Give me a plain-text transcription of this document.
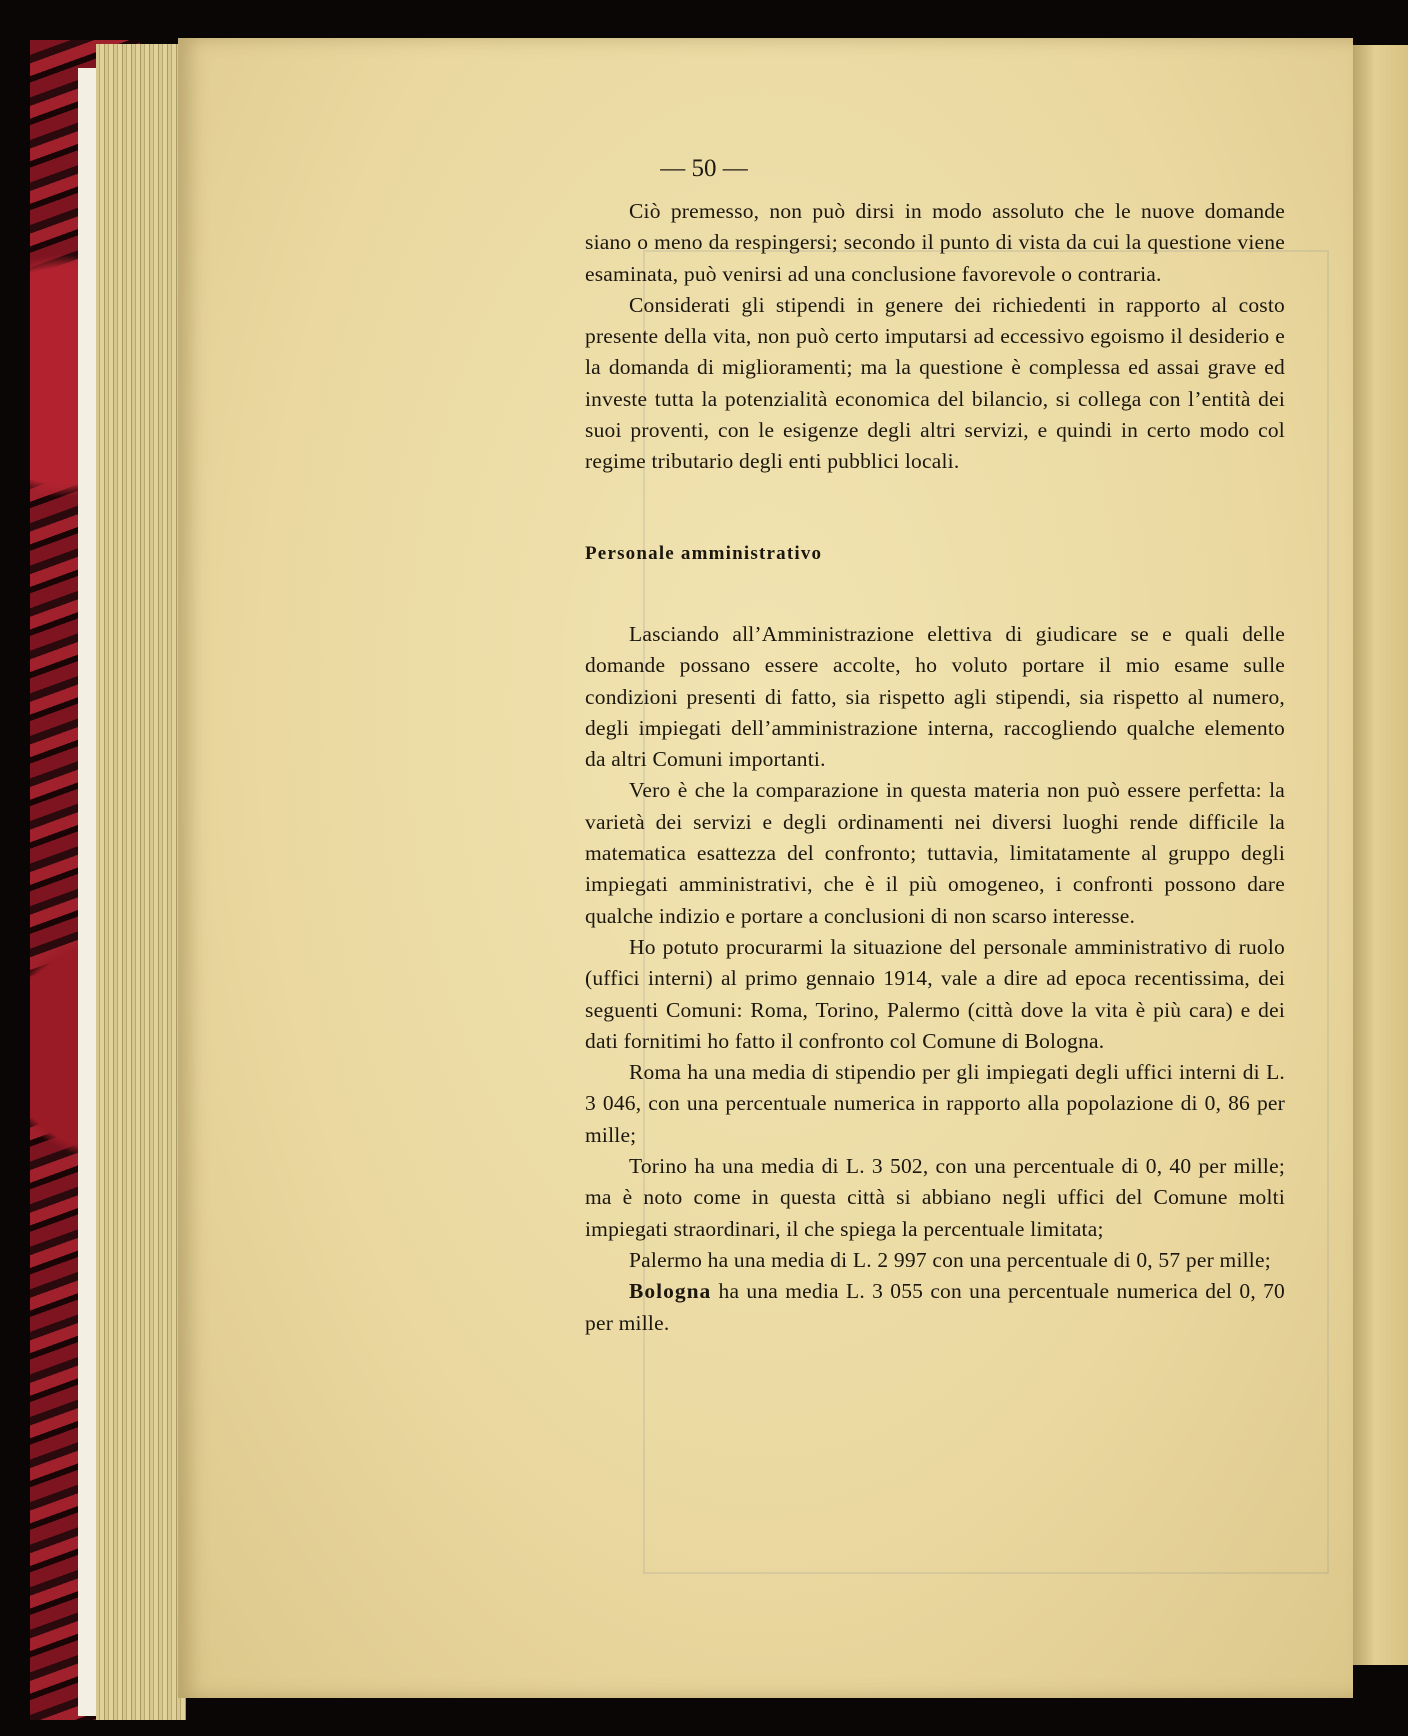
— 50 —

Ciò premesso, non può dirsi in modo assoluto che le nuove domande siano o meno da respingersi; secondo il punto di vista da cui la questione viene esaminata, può venirsi ad una conclusione favorevole o contraria.

Considerati gli stipendi in genere dei richiedenti in rapporto al costo presente della vita, non può certo imputarsi ad eccessivo egoismo il desiderio e la domanda di miglioramenti; ma la questione è complessa ed assai grave ed investe tutta la potenzialità economica del bilancio, si collega con l’entità dei suoi proventi, con le esigenze degli altri servizi, e quindi in certo modo col regime tributario degli enti pubblici locali.

Personale amministrativo

Lasciando all’Amministrazione elettiva di giudicare se e quali delle domande possano essere accolte, ho voluto portare il mio esame sulle condizioni presenti di fatto, sia rispetto agli stipendi, sia rispetto al numero, degli impiegati dell’amministrazione interna, raccogliendo qualche elemento da altri Comuni importanti.

Vero è che la comparazione in questa materia non può essere perfetta: la varietà dei servizi e degli ordinamenti nei diversi luoghi rende difficile la matematica esattezza del confronto; tuttavia, limitatamente al gruppo degli impiegati amministrativi, che è il più omogeneo, i confronti possono dare qualche indizio e portare a conclusioni di non scarso interesse.

Ho potuto procurarmi la situazione del personale amministrativo di ruolo (uffici interni) al primo gennaio 1914, vale a dire ad epoca recentissima, dei seguenti Comuni: Roma, Torino, Palermo (città dove la vita è più cara) e dei dati fornitimi ho fatto il confronto col Comune di Bologna.

Roma ha una media di stipendio per gli impiegati degli uffici interni di L. 3 046, con una percentuale numerica in rapporto alla popolazione di 0, 86 per mille;

Torino ha una media di L. 3 502, con una percentuale di 0, 40 per mille; ma è noto come in questa città si abbiano negli uffici del Comune molti impiegati straordinari, il che spiega la percentuale limitata;

Palermo ha una media di L. 2 997 con una percentuale di 0, 57 per mille;

Bologna ha una media L. 3 055 con una percentuale numerica del 0, 70 per mille.
